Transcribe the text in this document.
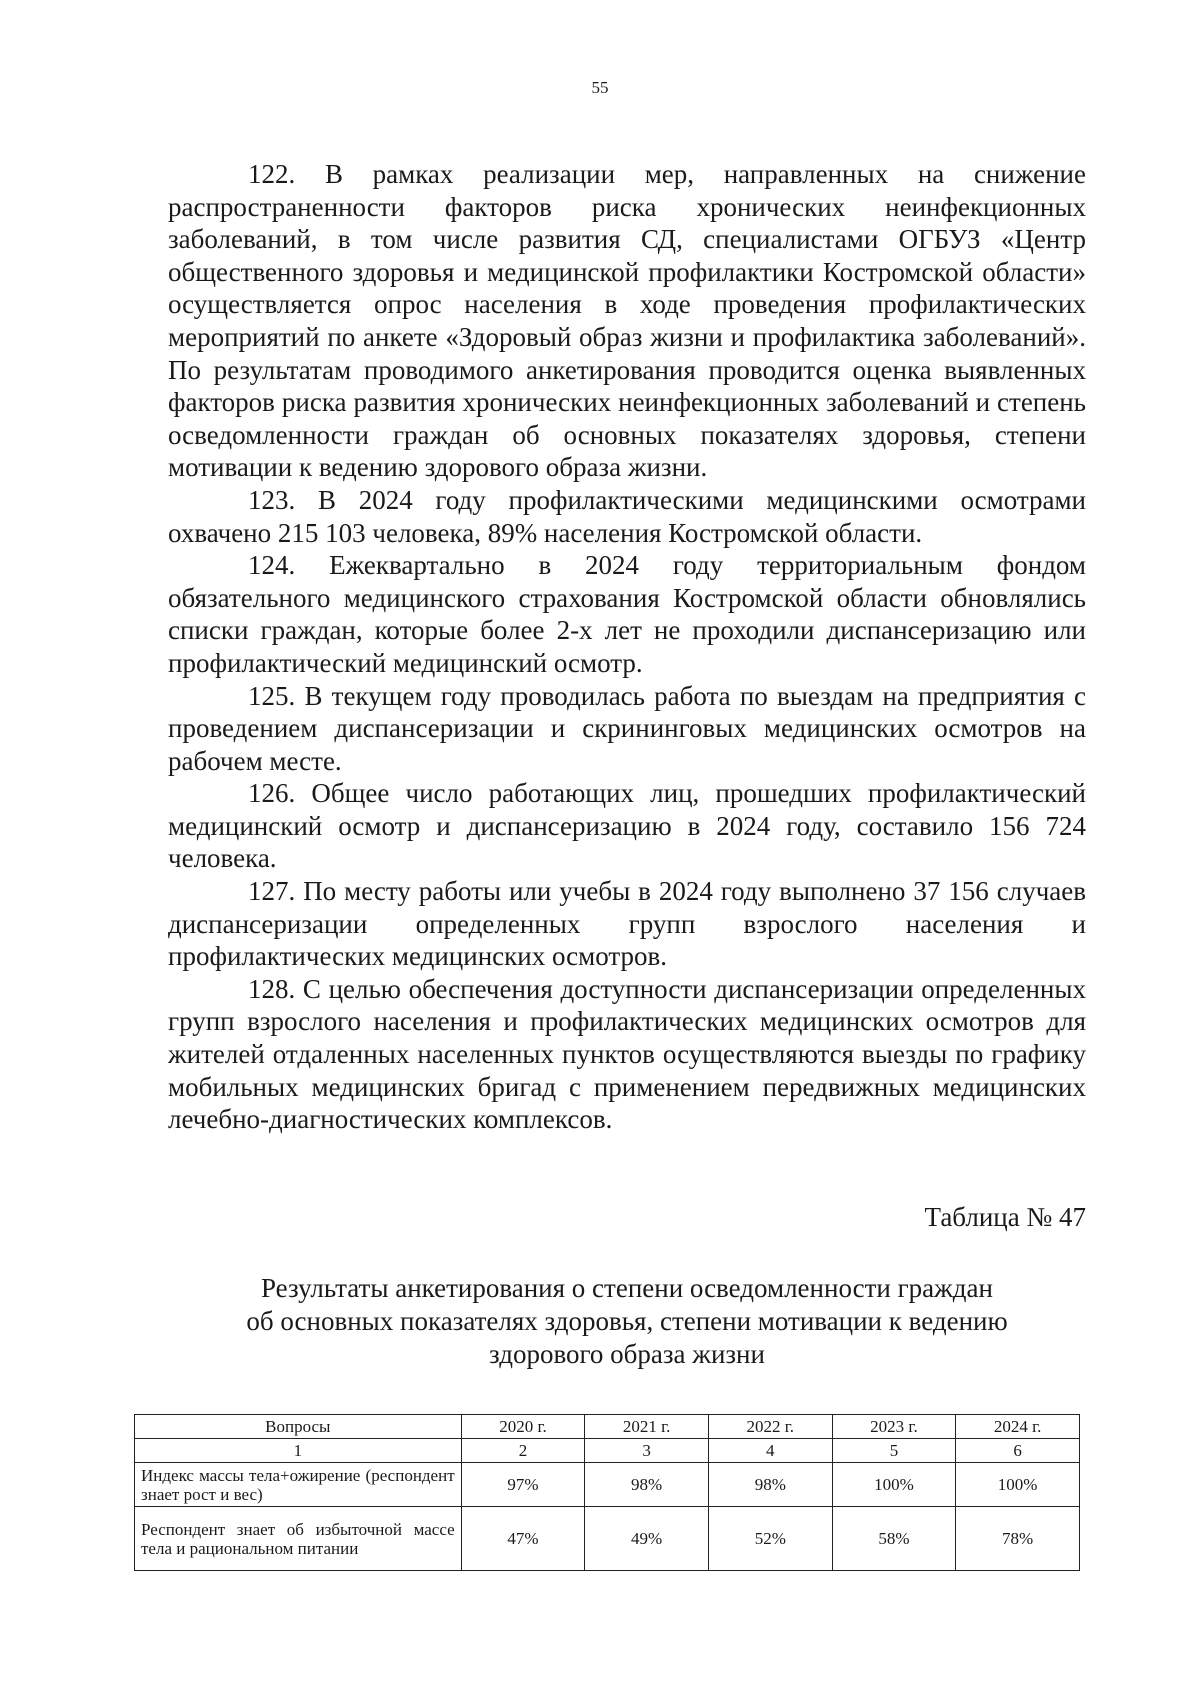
55

122. В рамках реализации мер, направленных на снижение распространенности факторов риска хронических неинфекционных заболеваний, в том числе развития СД, специалистами ОГБУЗ «Центр общественного здоровья и медицинской профилактики Костромской области» осуществляется опрос населения в ходе проведения профилактических мероприятий по анкете «Здоровый образ жизни и профилактика заболеваний». По результатам проводимого анкетирования проводится оценка выявленных факторов риска развития хронических неинфекционных заболеваний и степень осведомленности граждан об основных показателях здоровья, степени мотивации к ведению здорового образа жизни.

123. В 2024 году профилактическими медицинскими осмотрами охвачено 215 103 человека, 89% населения Костромской области.

124. Ежеквартально в 2024 году территориальным фондом обязательного медицинского страхования Костромской области обновлялись списки граждан, которые более 2-х лет не проходили диспансеризацию или профилактический медицинский осмотр.

125. В текущем году проводилась работа по выездам на предприятия с проведением диспансеризации и скрининговых медицинских осмотров на рабочем месте.

126. Общее число работающих лиц, прошедших профилактический медицинский осмотр и диспансеризацию в 2024 году, составило 156 724 человека.

127. По месту работы или учебы в 2024 году выполнено 37 156 случаев диспансеризации определенных групп взрослого населения и профилактических медицинских осмотров.

128. С целью обеспечения доступности диспансеризации определенных групп взрослого населения и профилактических медицинских осмотров для жителей отдаленных населенных пунктов осуществляются выезды по графику мобильных медицинских бригад с применением передвижных медицинских лечебно-диагностических комплексов.

Таблица № 47
Результаты анкетирования о степени осведомленности граждан
об основных показателях здоровья, степени мотивации к ведению
здорового образа жизни
Вопросы	2020 г.	2021 г.	2022 г.	2023 г.	2024 г.
1	2	3	4	5	6
Индекс массы тела+ожирение (респондент знает рост и вес)	97%	98%	98%	100%	100%
Респондент знает об избыточной массе тела и рациональном питании	47%	49%	52%	58%	78%
